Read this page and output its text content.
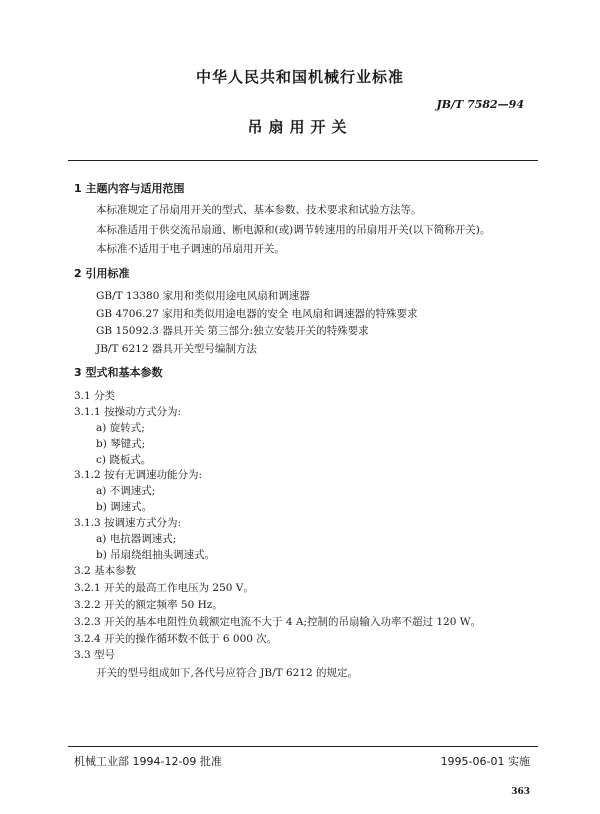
中华人民共和国机械行业标准
JB/T 7582—94
吊扇用开关
1 主题内容与适用范围
本标准规定了吊扇用开关的型式、基本参数、技术要求和试验方法等。
本标准适用于供交流吊扇通、断电源和(或)调节转速用的吊扇用开关(以下简称开关)。
本标准不适用于电子调速的吊扇用开关。
2 引用标准
GB/T 13380 家用和类似用途电风扇和调速器
GB 4706.27 家用和类似用途电器的安全 电风扇和调速器的特殊要求
GB 15092.3 器具开关 第三部分:独立安装开关的特殊要求
JB/T 6212 器具开关型号编制方法
3 型式和基本参数
3.1 分类
3.1.1 按操动方式分为:
a) 旋转式;
b) 琴键式;
c) 跷板式。
3.1.2 按有无调速功能分为:
a) 不调速式;
b) 调速式。
3.1.3 按调速方式分为:
a) 电抗器调速式;
b) 吊扇绕组抽头调速式。
3.2 基本参数
3.2.1 开关的最高工作电压为 250 V。
3.2.2 开关的额定频率 50 Hz。
3.2.3 开关的基本电阻性负载额定电流不大于 4 A;控制的吊扇输入功率不超过 120 W。
3.2.4 开关的操作循环数不低于 6 000 次。
3.3 型号
开关的型号组成如下,各代号应符合 JB/T 6212 的规定。
机械工业部 1994-12-09 批准	1995-06-01 实施
363
